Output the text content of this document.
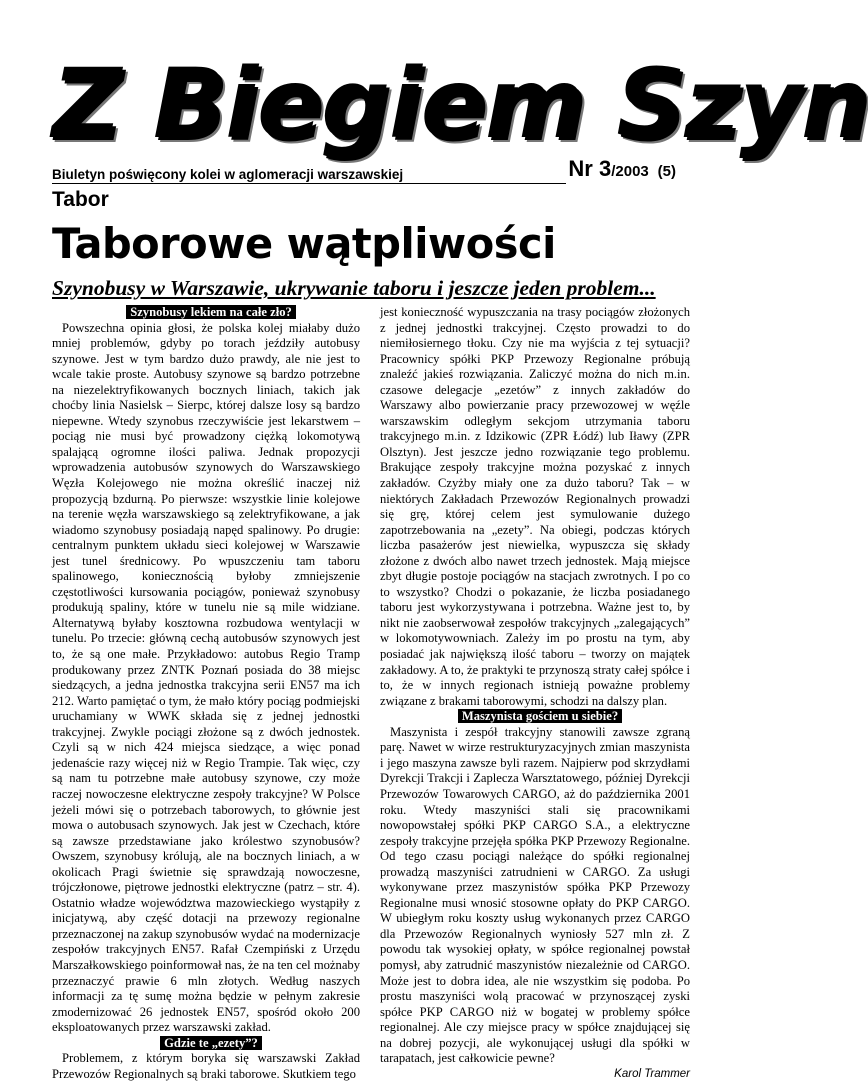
Z Biegiem Szyn
Biuletyn poświęcony kolei w aglomeracji warszawskiej	Nr 3/2003 (5)
Tabor
Taborowe wątpliwości
Szynobusy w Warszawie, ukrywanie taboru i jeszcze jeden problem...

Szynobusy lekiem na całe zło?

Powszechna opinia głosi, że polska kolej miałaby dużo mniej problemów, gdyby po torach jeździły autobusy szynowe. Jest w tym bardzo dużo prawdy, ale nie jest to wcale takie proste. Autobusy szynowe są bardzo potrzebne na niezelektryfikowanych bocznych liniach, takich jak choćby linia Nasielsk – Sierpc, której dalsze losy są bardzo niepewne. Wtedy szynobus rzeczywiście jest lekarstwem – pociąg nie musi być prowadzony ciężką lokomotywą spalającą ogromne ilości paliwa. Jednak propozycji wprowadzenia autobusów szynowych do Warszawskiego Węzła Kolejowego nie można określić inaczej niż propozycją bzdurną. Po pierwsze: wszystkie linie kolejowe na terenie węzła warszawskiego są zelektryfikowane, a jak wiadomo szynobusy posiadają napęd spalinowy. Po drugie: centralnym punktem układu sieci kolejowej w Warszawie jest tunel średnicowy. Po wpuszczeniu tam taboru spalinowego, koniecznością byłoby zmniejszenie częstotliwości kursowania pociągów, ponieważ szynobusy produkują spaliny, które w tunelu nie są mile widziane. Alternatywą byłaby kosztowna rozbudowa wentylacji w tunelu. Po trzecie: główną cechą autobusów szynowych jest to, że są one małe. Przykładowo: autobus Regio Tramp produkowany przez ZNTK Poznań posiada do 38 miejsc siedzących, a jedna jednostka trakcyjna serii EN57 ma ich 212. Warto pamiętać o tym, że mało który pociąg podmiejski uruchamiany w WWK składa się z jednej jednostki trakcyjnej. Zwykle pociągi złożone są z dwóch jednostek. Czyli są w nich 424 miejsca siedzące, a więc ponad jedenaście razy więcej niż w Regio Trampie. Tak więc, czy są nam tu potrzebne małe autobusy szynowe, czy może raczej nowoczesne elektryczne zespoły trakcyjne? W Polsce jeżeli mówi się o potrzebach taborowych, to głównie jest mowa o autobusach szynowych. Jak jest w Czechach, które są zawsze przedstawiane jako królestwo szynobusów? Owszem, szynobusy królują, ale na bocznych liniach, a w okolicach Pragi świetnie się sprawdzają nowoczesne, trójczłonowe, piętrowe jednostki elektryczne (patrz – str. 4). Ostatnio władze województwa mazowieckiego wystąpiły z inicjatywą, aby część dotacji na przewozy regionalne przeznaczonej na zakup szynobusów wydać na modernizacje zespołów trakcyjnych EN57. Rafał Czempiński z Urzędu Marszałkowskiego poinformował nas, że na ten cel możnaby przeznaczyć prawie 6 mln złotych. Według naszych informacji za tę sumę można będzie w pełnym zakresie zmodernizować 26 jednostek EN57, spośród około 200 eksploatowanych przez warszawski zakład.

Gdzie te „ezety”?

Problemem, z którym boryka się warszawski Zakład Przewozów Regionalnych są braki taborowe. Skutkiem tego

jest konieczność wypuszczania na trasy pociągów złożonych z jednej jednostki trakcyjnej. Często prowadzi to do niemiłosiernego tłoku. Czy nie ma wyjścia z tej sytuacji? Pracownicy spółki PKP Przewozy Regionalne próbują znaleźć jakieś rozwiązania. Zaliczyć można do nich m.in. czasowe delegacje „ezetów” z innych zakładów do Warszawy albo powierzanie pracy przewozowej w węźle warszawskim odległym sekcjom utrzymania taboru trakcyjnego m.in. z Idzikowic (ZPR Łódź) lub Iławy (ZPR Olsztyn). Jest jeszcze jedno rozwiązanie tego problemu. Brakujące zespoły trakcyjne można pozyskać z innych zakładów. Czyżby miały one za dużo taboru? Tak – w niektórych Zakładach Przewozów Regionalnych prowadzi się grę, której celem jest symulowanie dużego zapotrzebowania na „ezety”. Na obiegi, podczas których liczba pasażerów jest niewielka, wypuszcza się składy złożone z dwóch albo nawet trzech jednostek. Mają miejsce zbyt długie postoje pociągów na stacjach zwrotnych. I po co to wszystko? Chodzi o pokazanie, że liczba posiadanego taboru jest wykorzystywana i potrzebna. Ważne jest to, by nikt nie zaobserwował zespołów trakcyjnych „zalegających” w lokomotywowniach. Zależy im po prostu na tym, aby posiadać jak największą ilość taboru – tworzy on majątek zakładowy. A to, że praktyki te przynoszą straty całej spółce i to, że w innych regionach istnieją poważne problemy związane z brakami taborowymi, schodzi na dalszy plan.

Maszynista gościem u siebie?

Maszynista i zespół trakcyjny stanowili zawsze zgraną parę. Nawet w wirze restrukturyzacyjnych zmian maszynista i jego maszyna zawsze byli razem. Najpierw pod skrzydłami Dyrekcji Trakcji i Zaplecza Warsztatowego, później Dyrekcji Przewozów Towarowych CARGO, aż do października 2001 roku. Wtedy maszyniści stali się pracownikami nowopowstałej spółki PKP CARGO S.A., a elektryczne zespoły trakcyjne przejęła spółka PKP Przewozy Regionalne. Od tego czasu pociągi należące do spółki regionalnej prowadzą maszyniści zatrudnieni w CARGO. Za usługi wykonywane przez maszynistów spółka PKP Przewozy Regionalne musi wnosić stosowne opłaty do PKP CARGO. W ubiegłym roku koszty usług wykonanych przez CARGO dla Przewozów Regionalnych wyniosły 527 mln zł. Z powodu tak wysokiej opłaty, w spółce regionalnej powstał pomysł, aby zatrudnić maszynistów niezależnie od CARGO. Może jest to dobra idea, ale nie wszystkim się podoba. Po prostu maszyniści wolą pracować w przynoszącej zyski spółce PKP CARGO niż w bogatej w problemy spółce regionalnej. Ale czy miejsce pracy w spółce znajdującej się na dobrej pozycji, ale wykonującej usługi dla spółki w tarapatach, jest całkowicie pewne?

Karol Trammer
